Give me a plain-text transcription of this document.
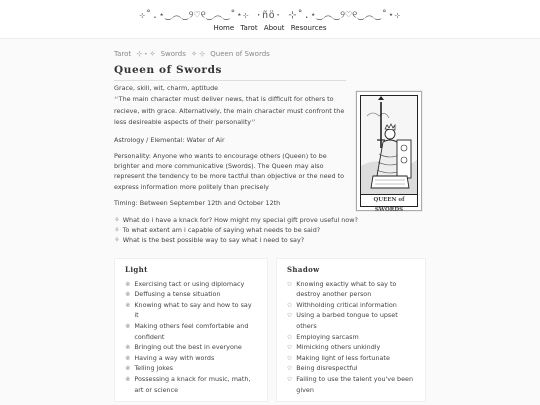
⊹˚.⋆‿︵‿୨♡୧‿︵‿˚⋆⊹ ·ñö· ⊹˚.⋆‿︵‿୨♡୧‿︵‿˚⋆⊹
Home Tarot About Resources
Tarot ⊹ ˖ ✧ Swords ✧ ⊹ Queen of Swords
Queen of Swords

Grace, skill, wit, charm, aptitude

“The main character must deliver news, that is difficult for others to recieve, with grace. Alternatively, the main character must confront the less desireable aspects of their personality”

Astrology / Elemental: Water of Air

Personality: Anyone who wants to encourage others (Queen) to be brighter and more communicative (Swords). The Queen may also represent the tendency to be more tactful than objective or the need to express information more politely than precisely

Timing: Between September 12th and October 12th	QUEEN of SWORDS
⚘ What do i have a knack for? How might my special gift prove useful now?
⚘ To what extent am i capable of saying what needs to be said?
⚘ What is the best possible way to say what i need to say?
Light
❀ Exercising tact or using diplomacy
❀ Deffusing a tense situation
❀ Knowing what to say and how to say it
❀ Making others feel comfortable and confident
❀ Bringing out the best in everyone
❀ Having a way with words
❀ Telling jokes
❀ Possessing a knack for music, math, art or science
Shadow
✩ Knowing exactly what to say to destroy another person
✩ Withholding critical information
✩ Using a barbed tongue to upset others
✩ Employing sarcasm
✩ Mimicking others unkindly
✩ Making light of less fortunate
✩ Being disrespectful
✩ Failing to use the talent you've been given
